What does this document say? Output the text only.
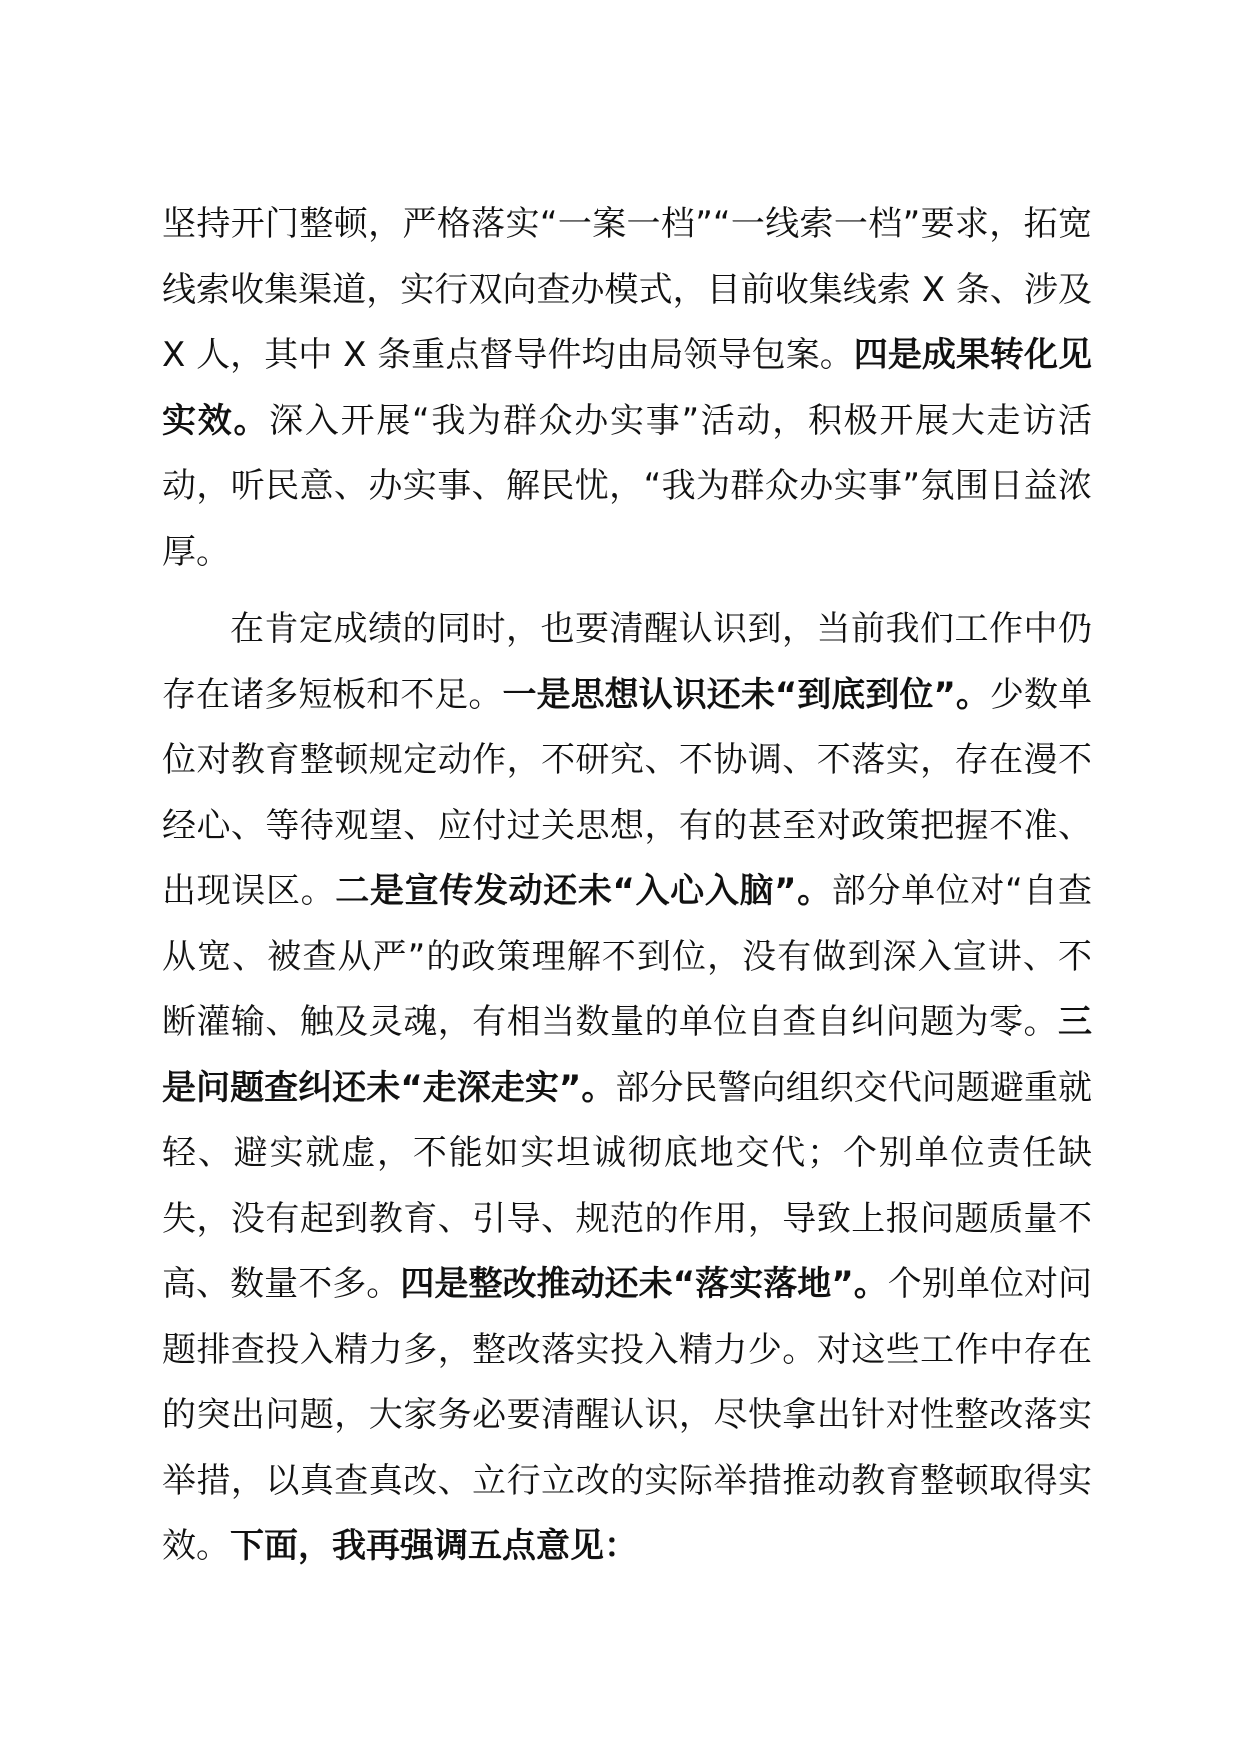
坚持开门整顿，严格落实“一案一档”“一线索一档”要求，拓宽线索收集渠道，实行双向查办模式，目前收集线索 X 条、涉及 X 人，其中 X 条重点督导件均由局领导包案。四是成果转化见实效。深入开展“我为群众办实事”活动，积极开展大走访活动，听民意、办实事、解民忧，“我为群众办实事”氛围日益浓厚。

在肯定成绩的同时，也要清醒认识到，当前我们工作中仍存在诸多短板和不足。一是思想认识还未“到底到位”。少数单位对教育整顿规定动作，不研究、不协调、不落实，存在漫不经心、等待观望、应付过关思想，有的甚至对政策把握不准、出现误区。二是宣传发动还未“入心入脑”。部分单位对“自查从宽、被查从严”的政策理解不到位，没有做到深入宣讲、不断灌输、触及灵魂，有相当数量的单位自查自纠问题为零。三是问题查纠还未“走深走实”。部分民警向组织交代问题避重就轻、避实就虚，不能如实坦诚彻底地交代；个别单位责任缺失，没有起到教育、引导、规范的作用，导致上报问题质量不高、数量不多。四是整改推动还未“落实落地”。个别单位对问题排查投入精力多，整改落实投入精力少。对这些工作中存在的突出问题，大家务必要清醒认识，尽快拿出针对性整改落实举措，以真查真改、立行立改的实际举措推动教育整顿取得实效。下面，我再强调五点意见：
